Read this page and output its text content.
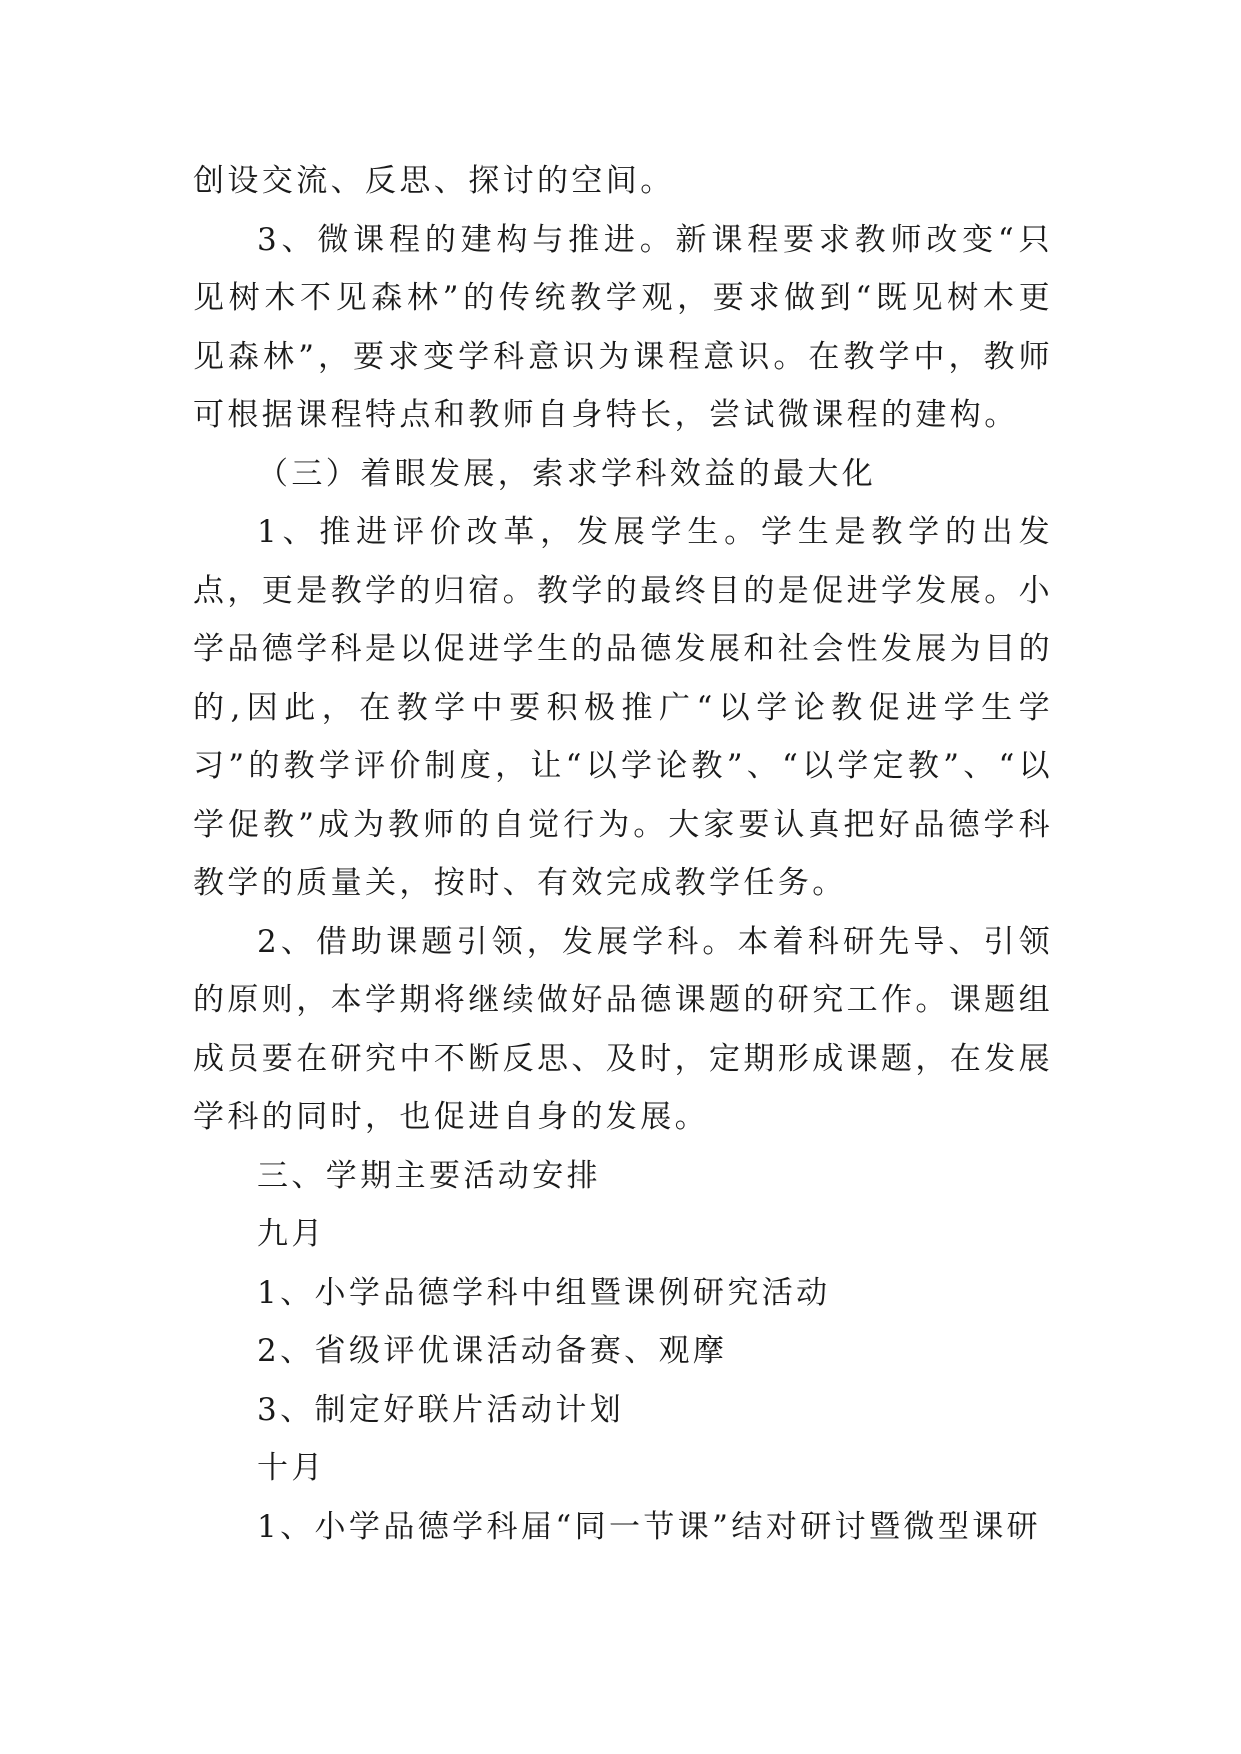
创设交流、反思、探讨的空间。

3、微课程的建构与推进。新课程要求教师改变“只见树木不见森林”的传统教学观，要求做到“既见树木更见森林”，要求变学科意识为课程意识。在教学中，教师可根据课程特点和教师自身特长，尝试微课程的建构。

（三）着眼发展，索求学科效益的最大化

1、推进评价改革，发展学生。学生是教学的出发点，更是教学的归宿。教学的最终目的是促进学发展。小学品德学科是以促进学生的品德发展和社会性发展为目的的,因此，在教学中要积极推广“以学论教促进学生学习”的教学评价制度，让“以学论教”、“以学定教”、“以学促教”成为教师的自觉行为。大家要认真把好品德学科教学的质量关，按时、有效完成教学任务。

2、借助课题引领，发展学科。本着科研先导、引领的原则，本学期将继续做好品德课题的研究工作。课题组成员要在研究中不断反思、及时，定期形成课题，在发展学科的同时，也促进自身的发展。

三、学期主要活动安排

九月

1、小学品德学科中组暨课例研究活动

2、省级评优课活动备赛、观摩

3、制定好联片活动计划

十月

1、小学品德学科届“同一节课”结对研讨暨微型课研
